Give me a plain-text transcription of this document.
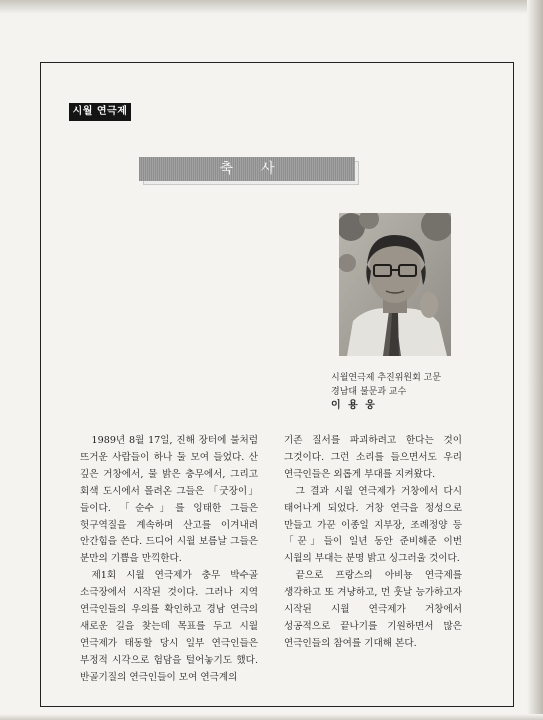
시월 연극제
축사
시월연극제 추진위원회 고문
경남대 불문과 교수
이 용 웅

1989년 8월 17일, 진해 장터에 불처럼 뜨거운 사람들이 하나 둘 모여 들었다. 산 깊은 거창에서, 물 밝은 충무에서, 그리고 회색 도시에서 몰려온 그들은 「굿장이」들이다. 「순수」를 잉태한 그들은 헛구역질을 계속하며 산고를 이겨내려 안간힘을 쓴다. 드디어 시월 보름날 그들은 분만의 기쁨을 만끽한다.

제1회 시월 연극제가 충무 박수골 소극장에서 시작된 것이다. 그러나 지역 연극인들의 우의를 확인하고 경남 연극의 새로운 길을 찾는데 목표를 두고 시월 연극제가 태동할 당시 일부 연극인들은 부정적 시각으로 험담을 털어놓기도 했다. 반골기질의 연극인들이 모여 연극계의

기존 질서를 파괴하려고 한다는 것이 그것이다. 그런 소리를 들으면서도 우리 연극인들은 외롭게 부대를 지켜왔다.

그 결과 시월 연극제가 거창에서 다시 태어나게 되었다. 거창 연극을 정성으로 만들고 가꾼 이종일 지부장, 조례정양 등 「꾼」들이 일년 동안 준비해준 이번 시월의 부대는 분명 밝고 싱그러울 것이다.

끝으로 프랑스의 아비뇽 연극제를 생각하고 또 겨냥하고, 먼 훗날 능가하고자 시작된 시월 연극제가 거창에서 성공적으로 끝나기를 기원하면서 많은 연극인들의 참여를 기대해 본다.
